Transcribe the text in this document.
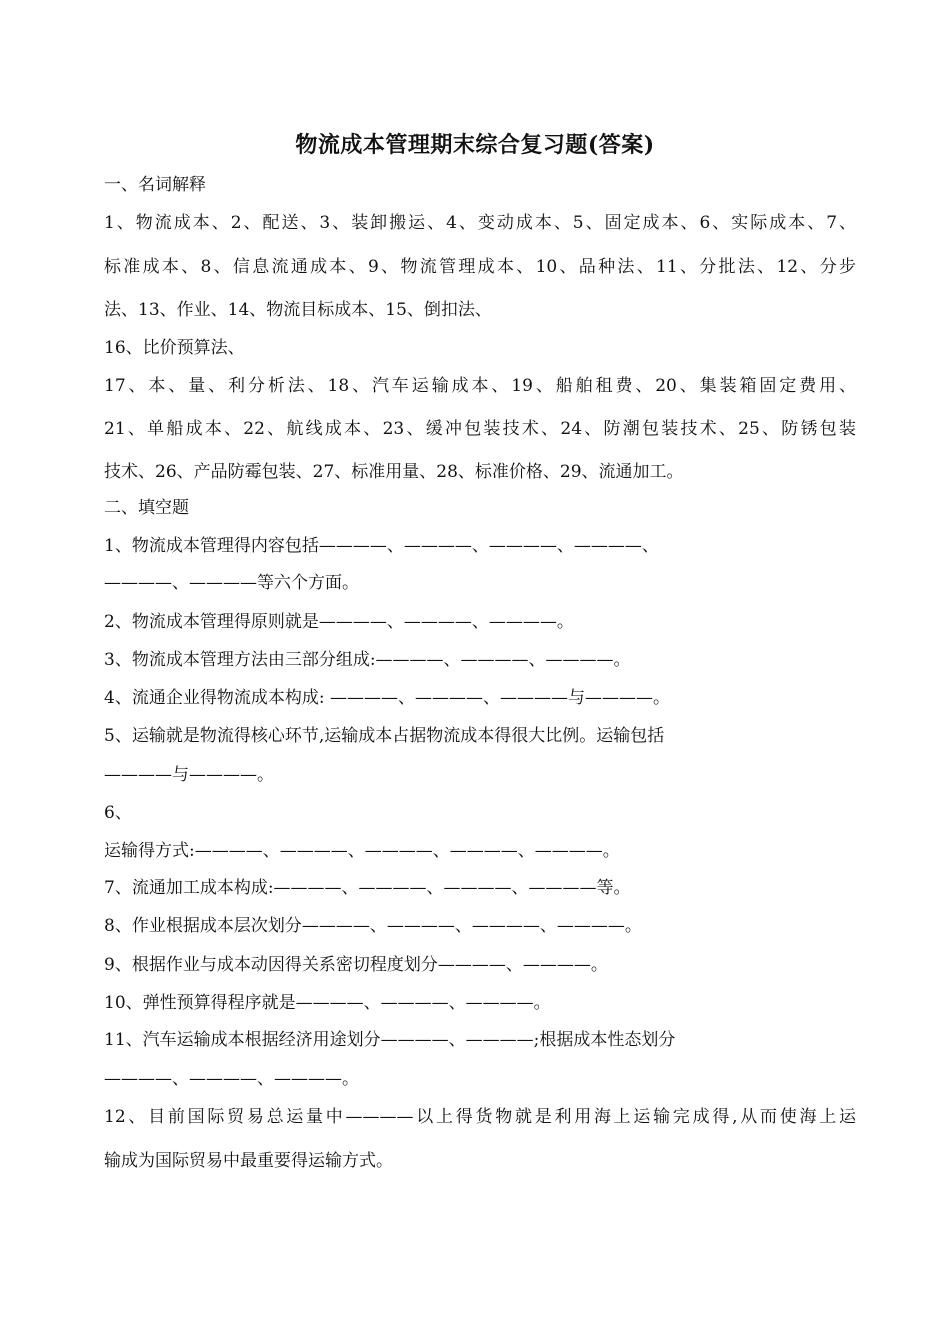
物流成本管理期末综合复习题(答案)
一、名词解释
1、物流成本、2、配送、3、装卸搬运、4、变动成本、5、固定成本、6、实际成本、7、
标准成本、8、信息流通成本、9、物流管理成本、10、品种法、11、分批法、12、分步
法、13、作业、14、物流目标成本、15、倒扣法、
16、比价预算法、
17、本、量、利分析法、18、汽车运输成本、19、船舶租费、20、集装箱固定费用、
21、单船成本、22、航线成本、23、缓冲包装技术、24、防潮包装技术、25、防锈包装
技术、26、产品防霉包装、27、标准用量、28、标准价格、29、流通加工。
二、填空题
1、物流成本管理得内容包括————、————、————、————、
————、————等六个方面。
2、物流成本管理得原则就是————、————、————。
3、物流成本管理方法由三部分组成:————、————、————。
4、流通企业得物流成本构成: ————、————、————与————。
5、运输就是物流得核心环节,运输成本占据物流成本得很大比例。运输包括
————与————。
6、
运输得方式:————、————、————、————、————。
7、流通加工成本构成:————、————、————、————等。
8、作业根据成本层次划分————、————、————、————。
9、根据作业与成本动因得关系密切程度划分————、————。
10、弹性预算得程序就是————、————、————。
11、汽车运输成本根据经济用途划分————、————;根据成本性态划分
————、————、————。
12、目前国际贸易总运量中————以上得货物就是利用海上运输完成得,从而使海上运
输成为国际贸易中最重要得运输方式。
